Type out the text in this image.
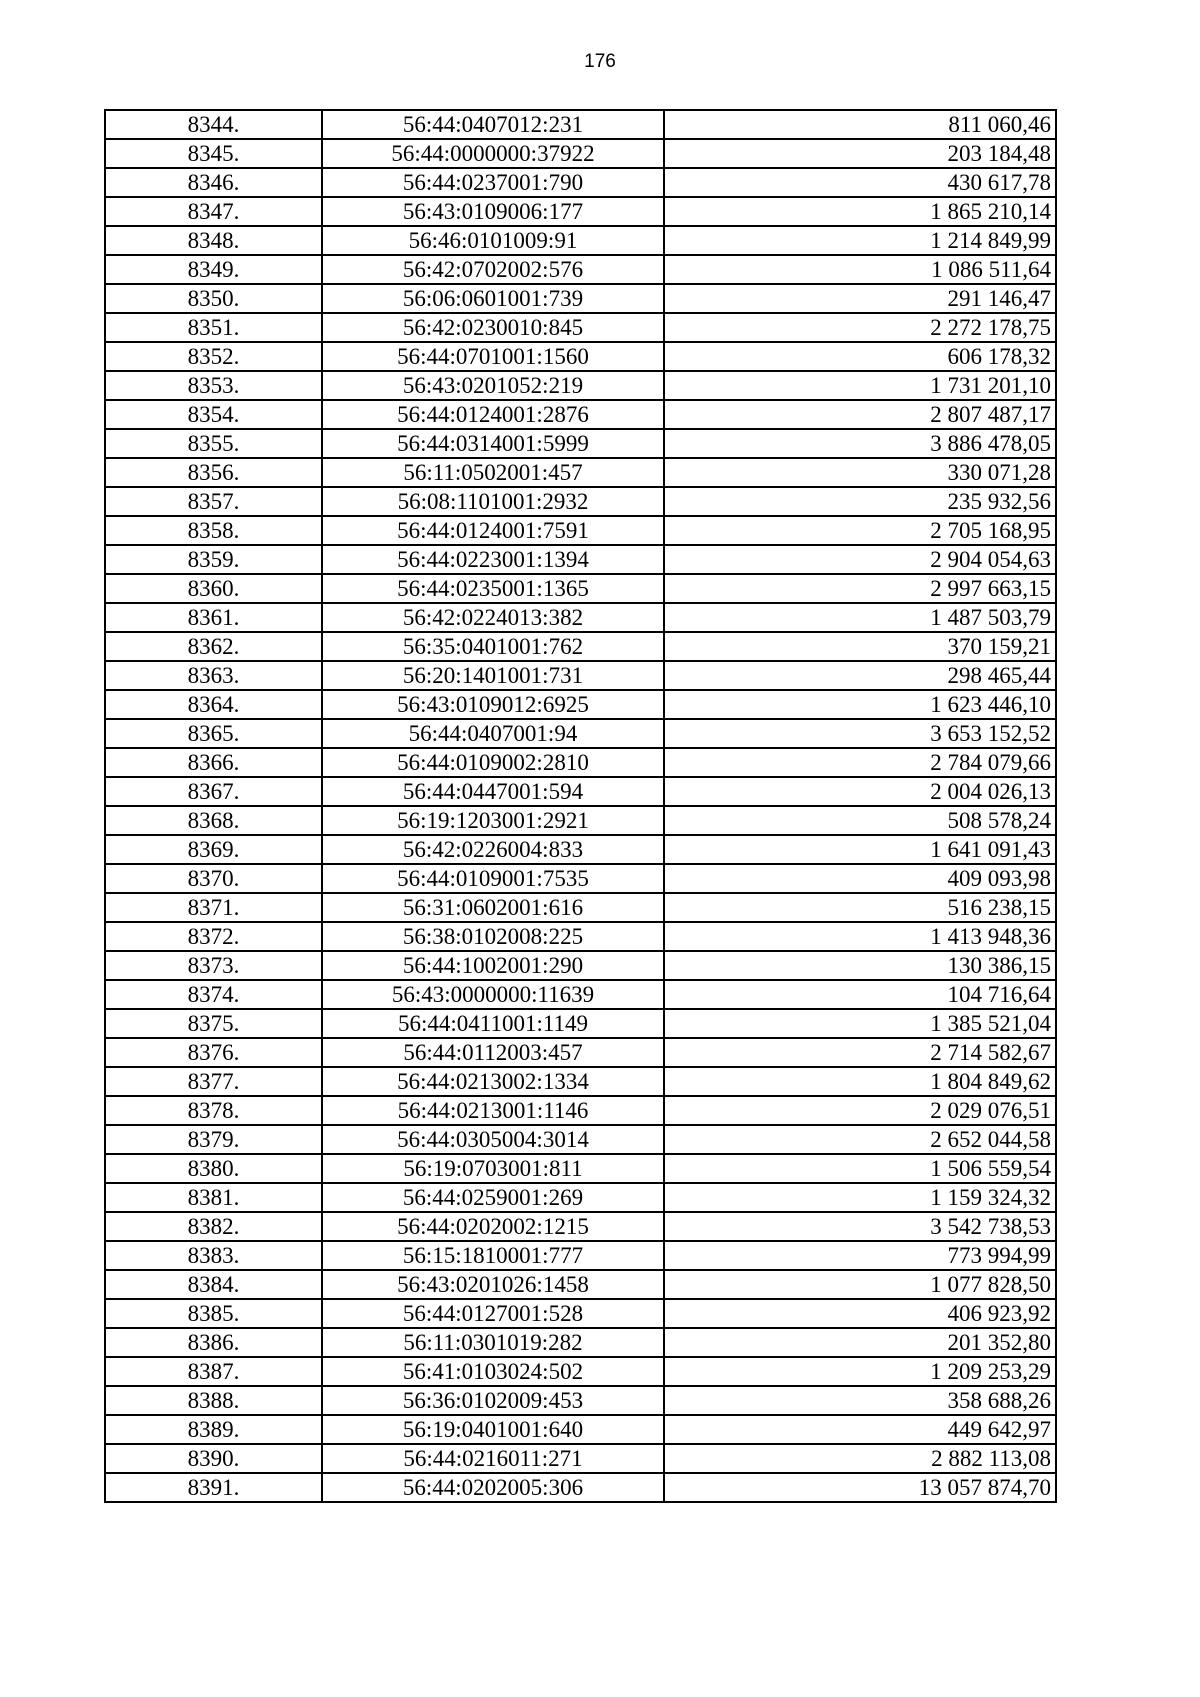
176
8344.	56:44:0407012:231	811 060,46
8345.	56:44:0000000:37922	203 184,48
8346.	56:44:0237001:790	430 617,78
8347.	56:43:0109006:177	1 865 210,14
8348.	56:46:0101009:91	1 214 849,99
8349.	56:42:0702002:576	1 086 511,64
8350.	56:06:0601001:739	291 146,47
8351.	56:42:0230010:845	2 272 178,75
8352.	56:44:0701001:1560	606 178,32
8353.	56:43:0201052:219	1 731 201,10
8354.	56:44:0124001:2876	2 807 487,17
8355.	56:44:0314001:5999	3 886 478,05
8356.	56:11:0502001:457	330 071,28
8357.	56:08:1101001:2932	235 932,56
8358.	56:44:0124001:7591	2 705 168,95
8359.	56:44:0223001:1394	2 904 054,63
8360.	56:44:0235001:1365	2 997 663,15
8361.	56:42:0224013:382	1 487 503,79
8362.	56:35:0401001:762	370 159,21
8363.	56:20:1401001:731	298 465,44
8364.	56:43:0109012:6925	1 623 446,10
8365.	56:44:0407001:94	3 653 152,52
8366.	56:44:0109002:2810	2 784 079,66
8367.	56:44:0447001:594	2 004 026,13
8368.	56:19:1203001:2921	508 578,24
8369.	56:42:0226004:833	1 641 091,43
8370.	56:44:0109001:7535	409 093,98
8371.	56:31:0602001:616	516 238,15
8372.	56:38:0102008:225	1 413 948,36
8373.	56:44:1002001:290	130 386,15
8374.	56:43:0000000:11639	104 716,64
8375.	56:44:0411001:1149	1 385 521,04
8376.	56:44:0112003:457	2 714 582,67
8377.	56:44:0213002:1334	1 804 849,62
8378.	56:44:0213001:1146	2 029 076,51
8379.	56:44:0305004:3014	2 652 044,58
8380.	56:19:0703001:811	1 506 559,54
8381.	56:44:0259001:269	1 159 324,32
8382.	56:44:0202002:1215	3 542 738,53
8383.	56:15:1810001:777	773 994,99
8384.	56:43:0201026:1458	1 077 828,50
8385.	56:44:0127001:528	406 923,92
8386.	56:11:0301019:282	201 352,80
8387.	56:41:0103024:502	1 209 253,29
8388.	56:36:0102009:453	358 688,26
8389.	56:19:0401001:640	449 642,97
8390.	56:44:0216011:271	2 882 113,08
8391.	56:44:0202005:306	13 057 874,70
